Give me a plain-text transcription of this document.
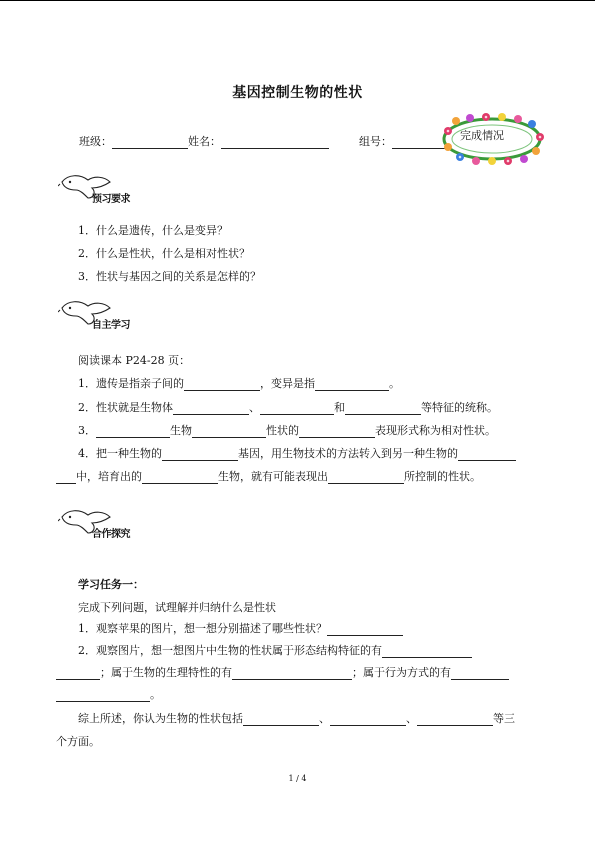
基因控制生物的性状
班级：	姓名：	组号：	完成情况
预习要求
1．什么是遗传，什么是变异？
2．什么是性状，什么是相对性状？
3．性状与基因之间的关系是怎样的？
自主学习
阅读课本 P24-28 页：
1．遗传是指亲子间的	，变异是指	。
2．性状就是生物体	、	和	等特征的统称。
3．	生物	性状的	表现形式称为相对性状。
4．把一种生物的	基因，用生物技术的方法转入到另一种生物的
中，培育出的	生物，就有可能表现出	所控制的性状。
合作探究
学习任务一：
完成下列问题，试理解并归纳什么是性状
1．观察苹果的图片，想一想分别描述了哪些性状？
2．观察图片，想一想图片中生物的性状属于形态结构特征的有
；属于生物的生理特性的有	；属于行为方式的有
。
综上所述，你认为生物的性状包括	、	、	等三
个方面。
1 / 4
